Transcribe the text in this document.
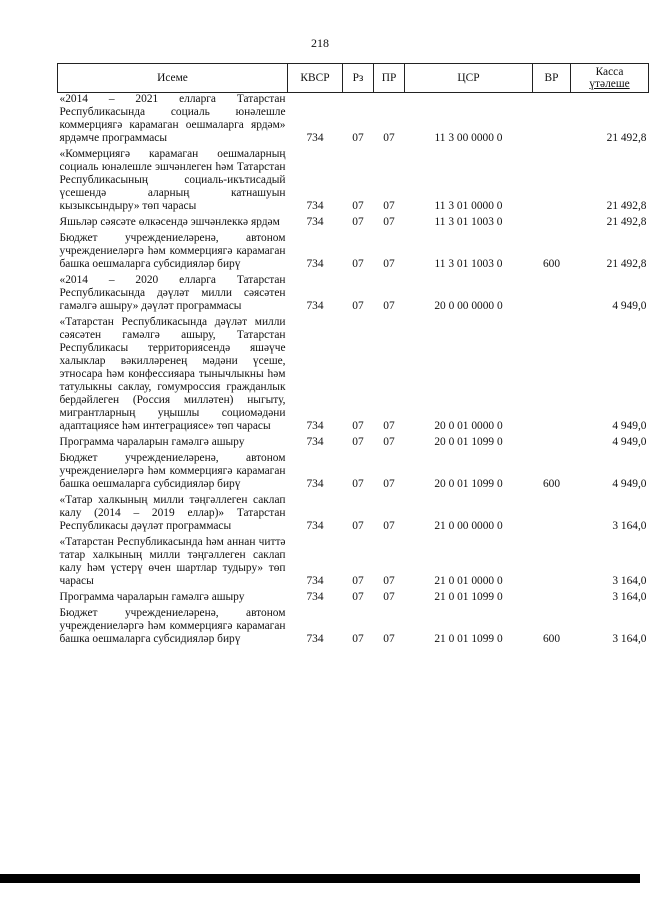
218
Исеме	КВСР	Рз	ПР	ЦСР	ВР	Касса
үтәлеше

«2014 – 2021 елларга Татарстан Республикасында социаль юнәлешле коммерциягә карамаган оешмаларга ярдәм» ярдәмче программасы	734	07	07	11 3 00 0000 0		21 492,8
«Коммерциягә карамаган оешмаларның социаль юнәлешле эшчәнлеген һәм Татарстан Республикасының социаль-икътисадый үсешендә аларның катнашуын кызыксындыру» төп чарасы	734	07	07	11 3 01 0000 0		21 492,8
Яшьләр сәясәте өлкәсендә эшчәнлеккә ярдәм	734	07	07	11 3 01 1003 0		21 492,8
Бюджет учреждениеләренә, автоном учреждениеләргә һәм коммерциягә карамаган башка оешмаларга субсидияләр бирү	734	07	07	11 3 01 1003 0	600	21 492,8
«2014 – 2020 елларга Татарстан Республикасында дәүләт милли сәясәтен гамәлгә ашыру» дәүләт программасы	734	07	07	20 0 00 0000 0		4 949,0
«Татарстан Республикасында дәүләт милли сәясәтен гамәлгә ашыру, Татарстан Республикасы территориясендә яшәүче халыклар вәкилләренең мәдәни үсеше, этносара һәм конфессияара тынычлыкны һәм татулыкны саклау, гомумроссия гражданлык бердәйлеген (Россия милләтен) ныгыту, мигрантларның уңышлы социомәдәни адаптациясе һәм интеграциясе» төп чарасы	734	07	07	20 0 01 0000 0		4 949,0
Программа чараларын гамәлгә ашыру	734	07	07	20 0 01 1099 0		4 949,0
Бюджет учреждениеләренә, автоном учреждениеләргә һәм коммерциягә карамаган башка оешмаларга субсидияләр бирү	734	07	07	20 0 01 1099 0	600	4 949,0
«Татар халкының милли тәңгәллеген саклап калу (2014 – 2019 еллар)» Татарстан Республикасы дәүләт программасы	734	07	07	21 0 00 0000 0		3 164,0
«Татарстан Республикасында һәм аннан читтә татар халкының милли тәңгәллеген саклап калу һәм үстерү өчен шартлар тудыру» төп чарасы	734	07	07	21 0 01 0000 0		3 164,0
Программа чараларын гамәлгә ашыру	734	07	07	21 0 01 1099 0		3 164,0
Бюджет учреждениеләренә, автоном учреждениеләргә һәм коммерциягә карамаган башка оешмаларга субсидияләр бирү	734	07	07	21 0 01 1099 0	600	3 164,0
